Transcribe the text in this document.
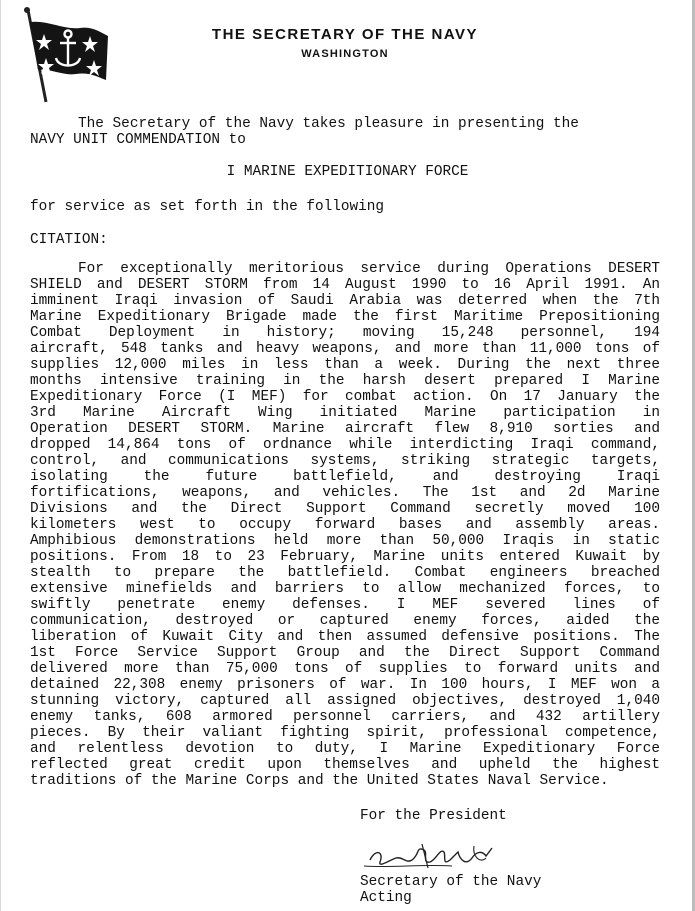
THE SECRETARY OF THE NAVY
WASHINGTON
The Secretary of the Navy takes pleasure in presenting the
NAVY UNIT COMMENDATION to
I MARINE EXPEDITIONARY FORCE
for service as set forth in the following
CITATION:
For exceptionally meritorious service during Operations DESERT
SHIELD and DESERT STORM from 14 August 1990 to 16 April 1991. An
imminent Iraqi invasion of Saudi Arabia was deterred when the 7th
Marine Expeditionary Brigade made the first Maritime Prepositioning
Combat Deployment in history; moving 15,248 personnel, 194
aircraft, 548 tanks and heavy weapons, and more than 11,000 tons of
supplies 12,000 miles in less than a week. During the next three
months intensive training in the harsh desert prepared I Marine
Expeditionary Force (I MEF) for combat action. On 17 January the
3rd Marine Aircraft Wing initiated Marine participation in
Operation DESERT STORM. Marine aircraft flew 8,910 sorties and
dropped 14,864 tons of ordnance while interdicting Iraqi command,
control, and communications systems, striking strategic targets,
isolating the future battlefield, and destroying Iraqi
fortifications, weapons, and vehicles. The 1st and 2d Marine
Divisions and the Direct Support Command secretly moved 100
kilometers west to occupy forward bases and assembly areas.
Amphibious demonstrations held more than 50,000 Iraqis in static
positions. From 18 to 23 February, Marine units entered Kuwait by
stealth to prepare the battlefield. Combat engineers breached
extensive minefields and barriers to allow mechanized forces, to
swiftly penetrate enemy defenses. I MEF severed lines of
communication, destroyed or captured enemy forces, aided the
liberation of Kuwait City and then assumed defensive positions. The
1st Force Service Support Group and the Direct Support Command
delivered more than 75,000 tons of supplies to forward units and
detained 22,308 enemy prisoners of war. In 100 hours, I MEF won a
stunning victory, captured all assigned objectives, destroyed 1,040
enemy tanks, 608 armored personnel carriers, and 432 artillery
pieces. By their valiant fighting spirit, professional competence,
and relentless devotion to duty, I Marine Expeditionary Force
reflected great credit upon themselves and upheld the highest
traditions of the Marine Corps and the United States Naval Service.
For the President
Secretary of the Navy
Acting
